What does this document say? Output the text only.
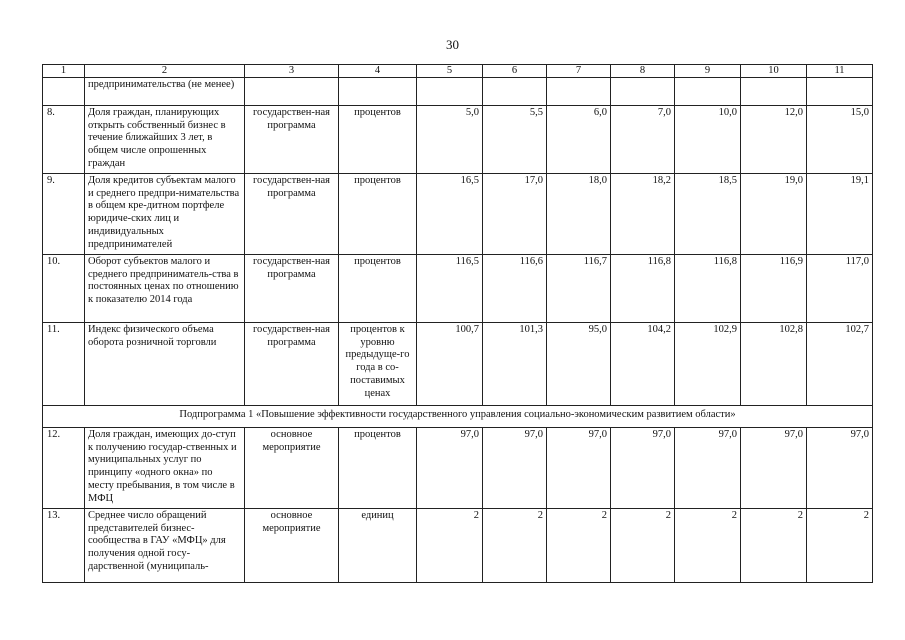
30
1	2	3	4	5	6	7	8	9	10	11
	предпринимательства (не менее)									
8.	Доля граждан, планирующих открыть собственный бизнес в течение ближайших 3 лет, в общем числе опрошенных граждан	государствен-ная программа	процентов	5,0	5,5	6,0	7,0	10,0	12,0	15,0
9.	Доля кредитов субъектам малого и среднего предпри-нимательства в общем кре-дитном портфеле юридиче-ских лиц и индивидуальных предпринимателей	государствен-ная программа	процентов	16,5	17,0	18,0	18,2	18,5	19,0	19,1
10.	Оборот субъектов малого и среднего предприниматель-ства в постоянных ценах по отношению к показателю 2014 года	государствен-ная программа	процентов	116,5	116,6	116,7	116,8	116,8	116,9	117,0
11.	Индекс физического объема оборота розничной торговли	государствен-ная программа	процентов к уровню предыдуще-го года в со-поставимых ценах	100,7	101,3	95,0	104,2	102,9	102,8	102,7
Подпрограмма 1 «Повышение эффективности государственного управления социально-экономическим развитием области»										
12.	Доля граждан, имеющих до-ступ к получению государ-ственных и муниципальных услуг по принципу «одного окна» по месту пребывания, в том числе в МФЦ	основное мероприятие	процентов	97,0	97,0	97,0	97,0	97,0	97,0	97,0
13.	Среднее число обращений представителей бизнес-сообщества в ГАУ «МФЦ» для получения одной госу-дарственной (муниципаль-	основное мероприятие	единиц	2	2	2	2	2	2	2
